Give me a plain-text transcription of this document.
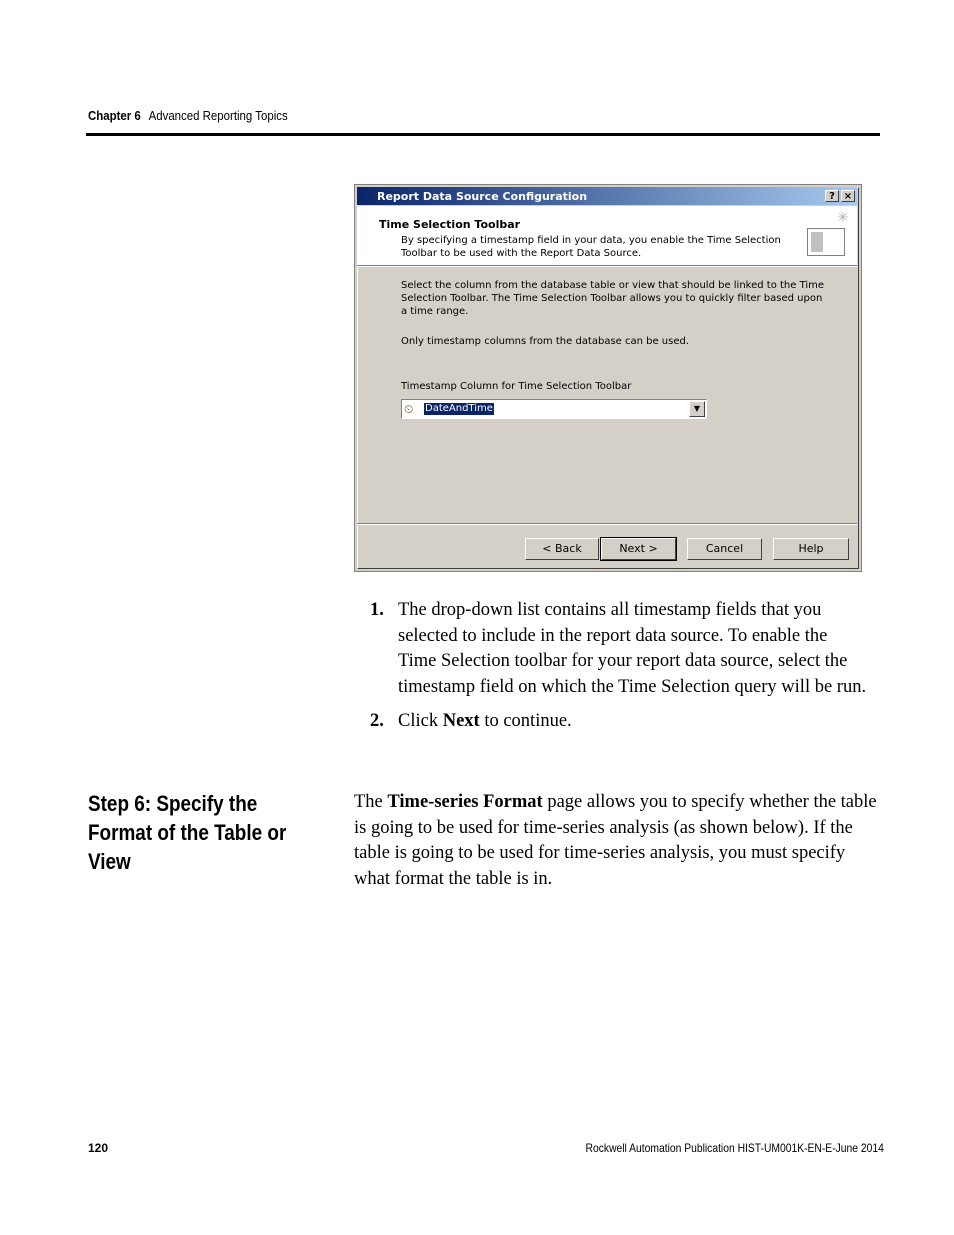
Chapter 6 Advanced Reporting Topics
Report Data Source Configuration	? ×
Time Selection Toolbar
By specifying a timestamp field in your data, you enable the Time Selection Toolbar to be used with the Report Data Source.
✳
Select the column from the database table or view that should be linked to the Time Selection Toolbar. The Time Selection Toolbar allows you to quickly filter based upon a time range.
Only timestamp columns from the database can be used.
Timestamp Column for Time Selection Toolbar
⏲ DateAndTime	▼
< Back	Next >	Cancel	Help
1. The drop-down list contains all timestamp fields that you selected to include in the report data source. To enable the Time Selection toolbar for your report data source, select the timestamp field on which the Time Selection query will be run.
2. Click Next to continue.
Step 6: Specify the Format of the Table or View
The Time-series Format page allows you to specify whether the table is going to be used for time-series analysis (as shown below). If the table is going to be used for time-series analysis, you must specify what format the table is in.
120	Rockwell Automation Publication HIST-UM001K-EN-E-June 2014
